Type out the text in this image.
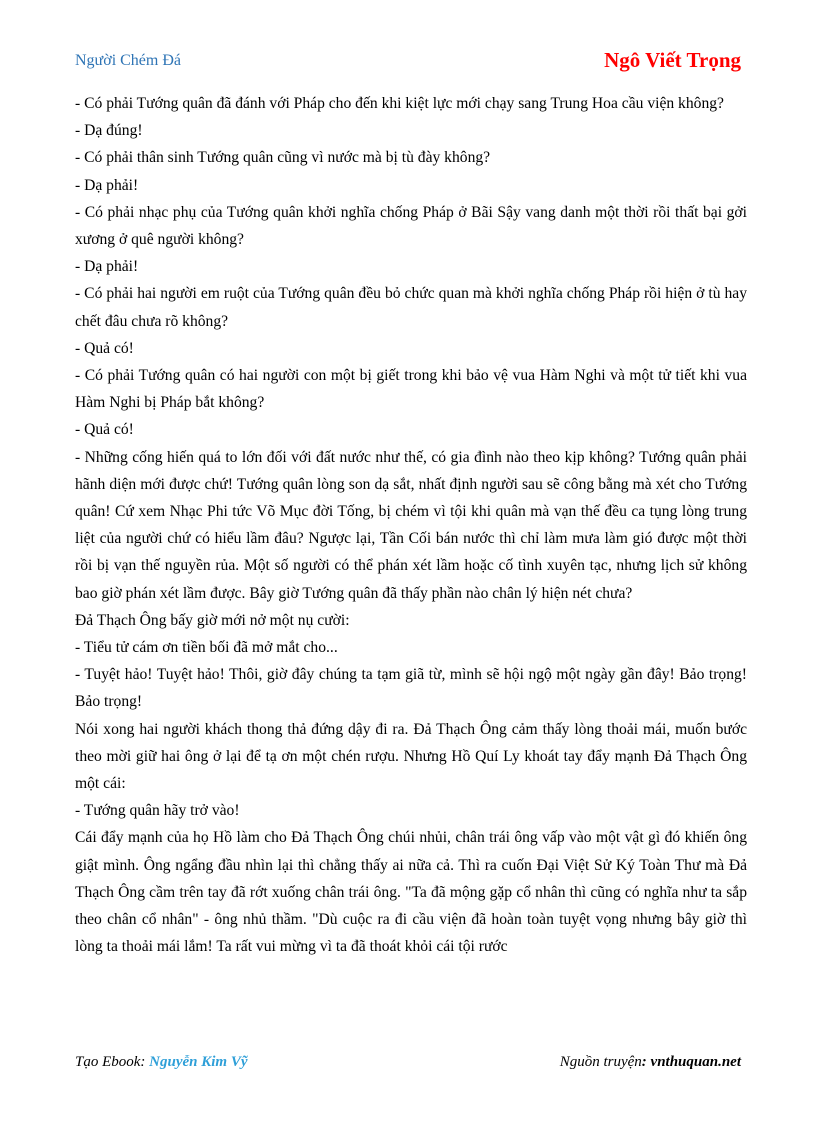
Người Chém Đá	Ngô Viết Trọng

- Có phải Tướng quân đã đánh với Pháp cho đến khi kiệt lực mới chạy sang Trung Hoa cầu viện không?

- Dạ đúng!

- Có phải thân sinh Tướng quân cũng vì nước mà bị tù đày không?

- Dạ phải!

- Có phải nhạc phụ của Tướng quân khởi nghĩa chống Pháp ở Bãi Sậy vang danh một thời rồi thất bại gởi xương ở quê người không?

- Dạ phải!

- Có phải hai người em ruột của Tướng quân đều bỏ chức quan mà khởi nghĩa chống Pháp rồi hiện ở tù hay chết đâu chưa rõ không?

- Quả có!

- Có phải Tướng quân có hai người con một bị giết trong khi bảo vệ vua Hàm Nghi và một tử tiết khi vua Hàm Nghi bị Pháp bắt không?

- Quả có!

- Những cống hiến quá to lớn đối với đất nước như thế, có gia đình nào theo kịp không? Tướng quân phải hãnh diện mới được chứ! Tướng quân lòng son dạ sắt, nhất định người sau sẽ công bằng mà xét cho Tướng quân! Cứ xem Nhạc Phi tức Võ Mục đời Tống, bị chém vì tội khi quân mà vạn thế đều ca tụng lòng trung liệt của người chứ có hiểu lầm đâu? Ngược lại, Tần Cối bán nước thì chỉ làm mưa làm gió được một thời rồi bị vạn thế nguyền rủa. Một số người có thể phán xét lầm hoặc cố tình xuyên tạc, nhưng lịch sử không bao giờ phán xét lầm được. Bây giờ Tướng quân đã thấy phần nào chân lý hiện nét chưa?

Đả Thạch Ông bấy giờ mới nở một nụ cười:

- Tiểu tử cám ơn tiền bối đã mở mắt cho...

- Tuyệt hảo! Tuyệt hảo! Thôi, giờ đây chúng ta tạm giã từ, mình sẽ hội ngộ một ngày gần đây! Bảo trọng! Bảo trọng!

Nói xong hai người khách thong thả đứng dậy đi ra. Đả Thạch Ông cảm thấy lòng thoải mái, muốn bước theo mời giữ hai ông ở lại để tạ ơn một chén rượu. Nhưng Hồ Quí Ly khoát tay đẩy mạnh Đả Thạch Ông một cái:

- Tướng quân hãy trở vào!

Cái đẩy mạnh của họ Hồ làm cho Đả Thạch Ông chúi nhủi, chân trái ông vấp vào một vật gì đó khiến ông giật mình. Ông ngẩng đầu nhìn lại thì chẳng thấy ai nữa cả. Thì ra cuốn Đại Việt Sử Ký Toàn Thư mà Đả Thạch Ông cầm trên tay đã rớt xuống chân trái ông. "Ta đã mộng gặp cổ nhân thì cũng có nghĩa như ta sắp theo chân cổ nhân" - ông nhủ thầm. "Dù cuộc ra đi cầu viện đã hoàn toàn tuyệt vọng nhưng bây giờ thì lòng ta thoải mái lắm! Ta rất vui mừng vì ta đã thoát khỏi cái tội rước

Tạo Ebook: Nguyễn Kim Vỹ	Nguồn truyện: vnthuquan.net
